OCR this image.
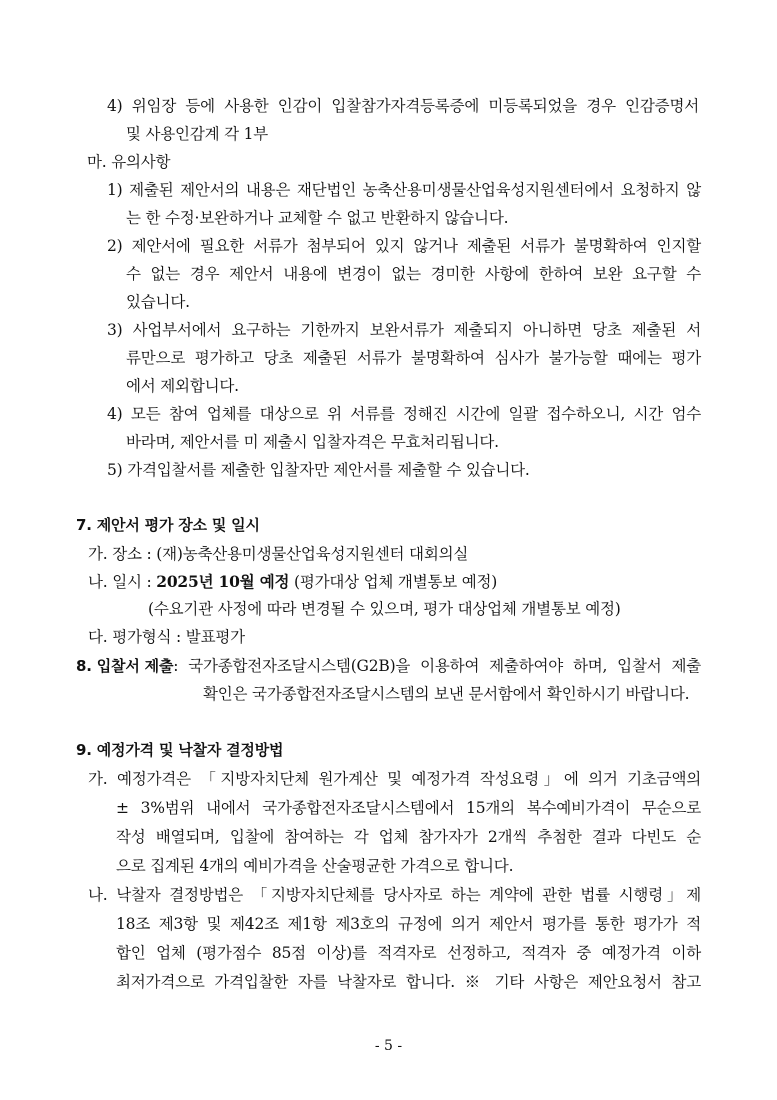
4) 위임장 등에 사용한 인감이 입찰참가자격등록증에 미등록되었을 경우 인감증명서
및 사용인감계 각 1부
마. 유의사항
1) 제출된 제안서의 내용은 재단법인 농축산용미생물산업육성지원센터에서 요청하지 않
는 한 수정·보완하거나 교체할 수 없고 반환하지 않습니다.
2) 제안서에 필요한 서류가 첨부되어 있지 않거나 제출된 서류가 불명확하여 인지할
수 없는 경우 제안서 내용에 변경이 없는 경미한 사항에 한하여 보완 요구할 수
있습니다.
3) 사업부서에서 요구하는 기한까지 보완서류가 제출되지 아니하면 당초 제출된 서
류만으로 평가하고 당초 제출된 서류가 불명확하여 심사가 불가능할 때에는 평가
에서 제외합니다.
4) 모든 참여 업체를 대상으로 위 서류를 정해진 시간에 일괄 접수하오니, 시간 엄수
바라며, 제안서를 미 제출시 입찰자격은 무효처리됩니다.
5) 가격입찰서를 제출한 입찰자만 제안서를 제출할 수 있습니다.
7. 제안서 평가 장소 및 일시
가. 장소 : (재)농축산용미생물산업육성지원센터 대회의실
나. 일시 : 2025년 10월 예정 (평가대상 업체 개별통보 예정)
(수요기관 사정에 따라 변경될 수 있으며, 평가 대상업체 개별통보 예정)
다. 평가형식 : 발표평가
8. 입찰서 제출 : 국가종합전자조달시스템(G2B)을 이용하여 제출하여야 하며, 입찰서 제출
확인은 국가종합전자조달시스템의 보낸 문서함에서 확인하시기 바랍니다.
9. 예정가격 및 낙찰자 결정방법
가. 예정가격은 「지방자치단체 원가계산 및 예정가격 작성요령」에 의거 기초금액의
± 3%범위 내에서 국가종합전자조달시스템에서 15개의 복수예비가격이 무순으로
작성 배열되며, 입찰에 참여하는 각 업체 참가자가 2개씩 추첨한 결과 다빈도 순
으로 집계된 4개의 예비가격을 산술평균한 가격으로 합니다.
나. 낙찰자 결정방법은 「지방자치단체를 당사자로 하는 계약에 관한 법률 시행령」제
18조 제3항 및 제42조 제1항 제3호의 규정에 의거 제안서 평가를 통한 평가가 적
합인 업체 (평가점수 85점 이상)를 적격자로 선정하고, 적격자 중 예정가격 이하
최저가격으로 가격입찰한 자를 낙찰자로 합니다. ※ 기타 사항은 제안요청서 참고
- 5 -
